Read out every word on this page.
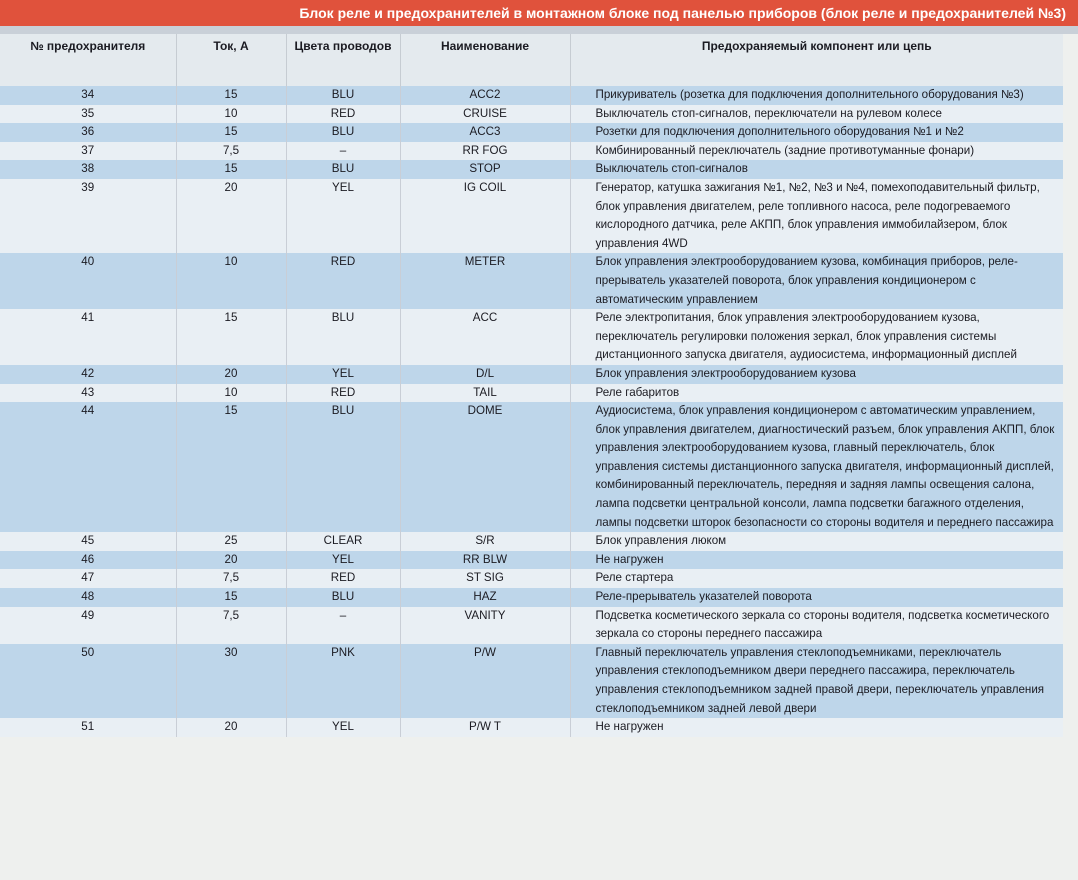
Блок реле и предохранителей в монтажном блоке под панелью приборов (блок реле и предохранителей №3)
№ предохранителя	Ток, А	Цвета проводов	Наименование	Предохраняемый компонент или цепь
34	15	BLU	ACC2	Прикуриватель (розетка для подключения дополнительного оборудования №3)
35	10	RED	CRUISE	Выключатель стоп-сигналов, переключатели на рулевом колесе
36	15	BLU	ACC3	Розетки для подключения дополнительного оборудования №1 и №2
37	7,5	–	RR FOG	Комбинированный переключатель (задние противотуманные фонари)
38	15	BLU	STOP	Выключатель стоп-сигналов
39	20	YEL	IG COIL	Генератор, катушка зажигания №1, №2, №3 и №4, помехоподавительный фильтр, блок управления двигателем, реле топливного насоса, реле подогреваемого кислородного датчика, реле АКПП, блок управления иммобилайзером, блок управления 4WD
40	10	RED	METER	Блок управления электрооборудованием кузова, комбинация приборов, реле-прерыватель указателей поворота, блок управления кондиционером с автоматическим управлением
41	15	BLU	ACC	Реле электропитания, блок управления электрооборудованием кузова, переключатель регулировки положения зеркал, блок управления системы дистанционного запуска двигателя, аудиосистема, информационный дисплей
42	20	YEL	D/L	Блок управления электрооборудованием кузова
43	10	RED	TAIL	Реле габаритов
44	15	BLU	DOME	Аудиосистема, блок управления кондиционером с автоматическим управлением, блок управления двигателем, диагностический разъем, блок управления АКПП, блок управления электрооборудованием кузова, главный переключатель, блок управления системы дистанционного запуска двигателя, информационный дисплей, комбинированный переключатель, передняя и задняя лампы освещения салона, лампа подсветки центральной консоли, лампа подсветки багажного отделения, лампы подсветки шторок безопасности со стороны водителя и переднего пассажира
45	25	CLEAR	S/R	Блок управления люком
46	20	YEL	RR BLW	Не нагружен
47	7,5	RED	ST SIG	Реле стартера
48	15	BLU	HAZ	Реле-прерыватель указателей поворота
49	7,5	–	VANITY	Подсветка косметического зеркала со стороны водителя, подсветка косметического зеркала со стороны переднего пассажира
50	30	PNK	P/W	Главный переключатель управления стеклоподъемниками, переключатель управления стеклоподъемником двери переднего пассажира, переключатель управления стеклоподъемником задней правой двери, переключатель управления стеклоподъемником задней левой двери
51	20	YEL	P/W T	Не нагружен
